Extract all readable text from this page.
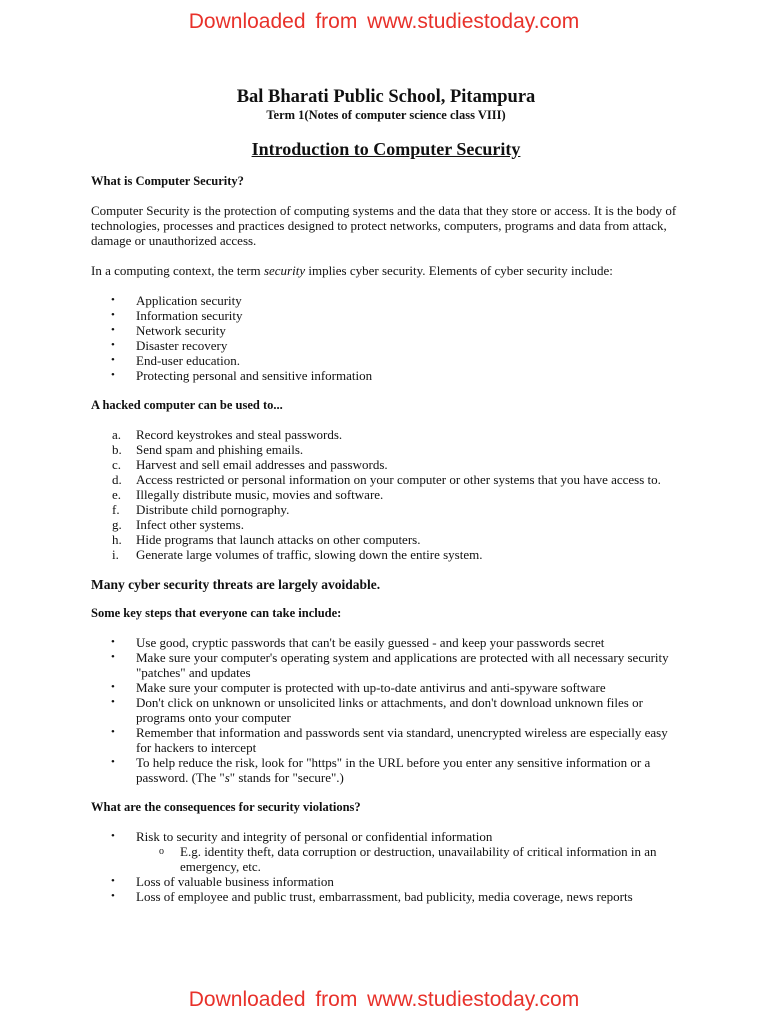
Downloaded from www.studiestoday.com
Bal Bharati Public School, Pitampura
Term 1(Notes of computer science class VIII)
Introduction to Computer Security
What is Computer Security?

Computer Security is the protection of computing systems and the data that they store or access. It is the body of technologies, processes and practices designed to protect networks, computers, programs and data from attack, damage or unauthorized access.

In a computing context, the term security implies cyber security. Elements of cyber security include:

• Application security
• Information security
• Network security
• Disaster recovery
• End-user education.
• Protecting personal and sensitive information
A hacked computer can be used to...
a. Record keystrokes and steal passwords.
b. Send spam and phishing emails.
c. Harvest and sell email addresses and passwords.
d. Access restricted or personal information on your computer or other systems that you have access to.
e. Illegally distribute music, movies and software.
f. Distribute child pornography.
g. Infect other systems.
h. Hide programs that launch attacks on other computers.
i. Generate large volumes of traffic, slowing down the entire system.
Many cyber security threats are largely avoidable.
Some key steps that everyone can take include:
• Use good, cryptic passwords that can't be easily guessed - and keep your passwords secret
• Make sure your computer's operating system and applications are protected with all necessary security "patches" and updates
• Make sure your computer is protected with up-to-date antivirus and anti-spyware software
• Don't click on unknown or unsolicited links or attachments, and don't download unknown files or programs onto your computer
• Remember that information and passwords sent via standard, unencrypted wireless are especially easy for hackers to intercept
• To help reduce the risk, look for "https" in the URL before you enter any sensitive information or a password. (The "s" stands for "secure".)
What are the consequences for security violations?
• Risk to security and integrity of personal or confidential information
o E.g. identity theft, data corruption or destruction, unavailability of critical information in an emergency, etc.
• Loss of valuable business information
• Loss of employee and public trust, embarrassment, bad publicity, media coverage, news reports
Downloaded from www.studiestoday.com
